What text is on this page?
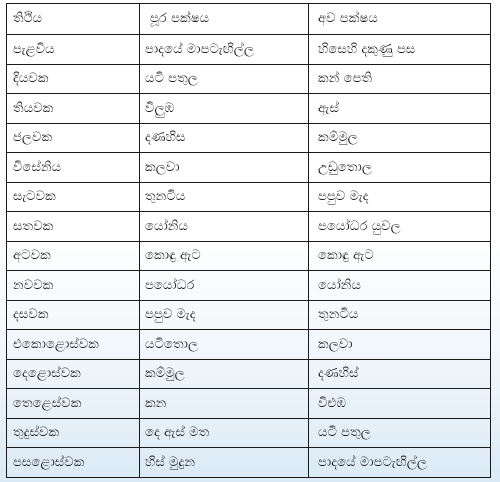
තිථිය	පූර පක්ෂය	අව පක්ෂය
පැළවිය	පාදයේ මාපටැඟිල්ල	හිසෙහි දකුණු පස
දියවක	යටි පතුල	කන් පෙති
තියවක	විලුඹ	ඇස්
ජලවක	දණහිස	කම්මුල
විසේනිය	කලවා	උඩුතොල
සැටවක	තුනටිය	පපුව මැද
සතවක	යෝනිය	පයෝධර යුවල
අටවක	කොඳු ඇට	කොඳු ඇට
නවවක	පයෝධර	යෝනිය
දසවක	පපුව මැද	තුනටිය
එකොළොස්වක	යටිතොල	කලවා
දෙළොස්වක	කම්මුල	දණහිස්
තෙළෙස්වක	කන	විළුඹ
තුදුස්වක	දෙ ඇස් මත	යටි පතුල
පසළොස්වක	හිස් මුදුන	පාදයේ මාපටැඟිල්ල
